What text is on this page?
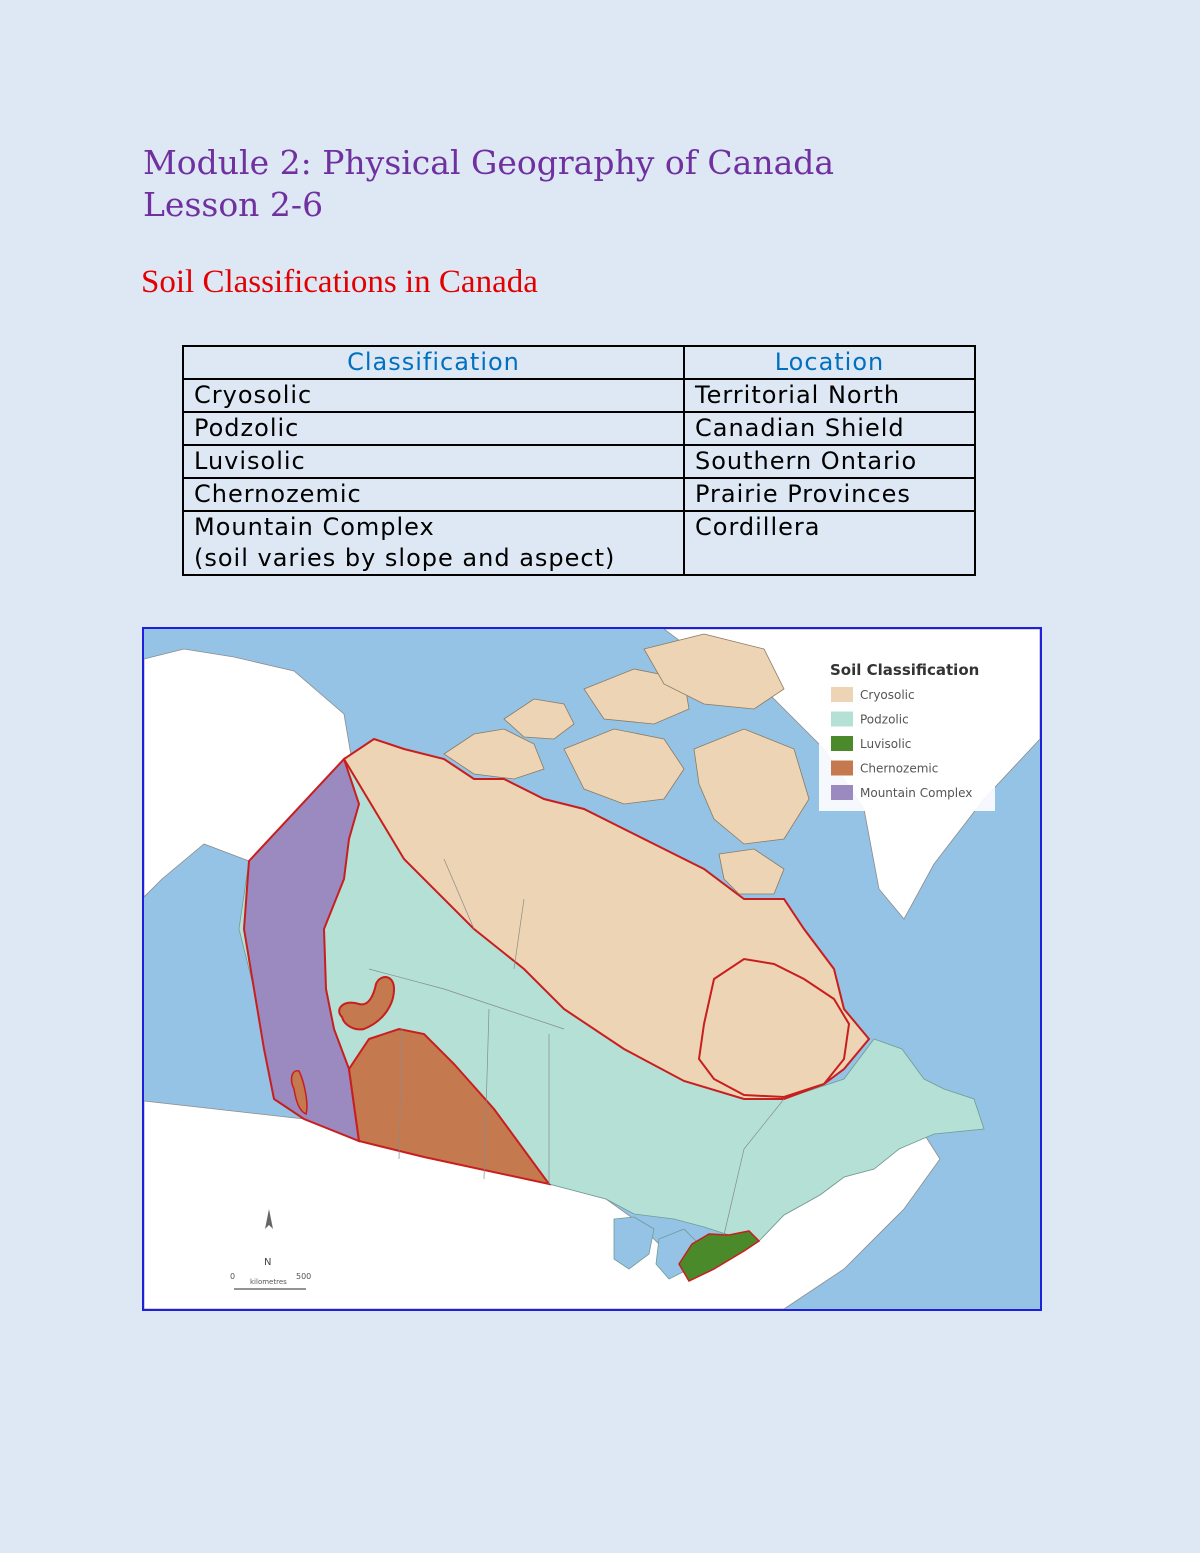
Module 2: Physical Geography of Canada
Lesson 2-6
Soil Classifications in Canada
Classification	Location
Cryosolic	Territorial North
Podzolic	Canadian Shield
Luvisolic	Southern Ontario
Chernozemic	Prairie Provinces

Mountain Complex
(soil varies by slope and aspect)	Cordillera
Soil Classification
Cryosolic
Podzolic
Luvisolic
Chernozemic
Mountain Complex
N
0
kilometres
500
